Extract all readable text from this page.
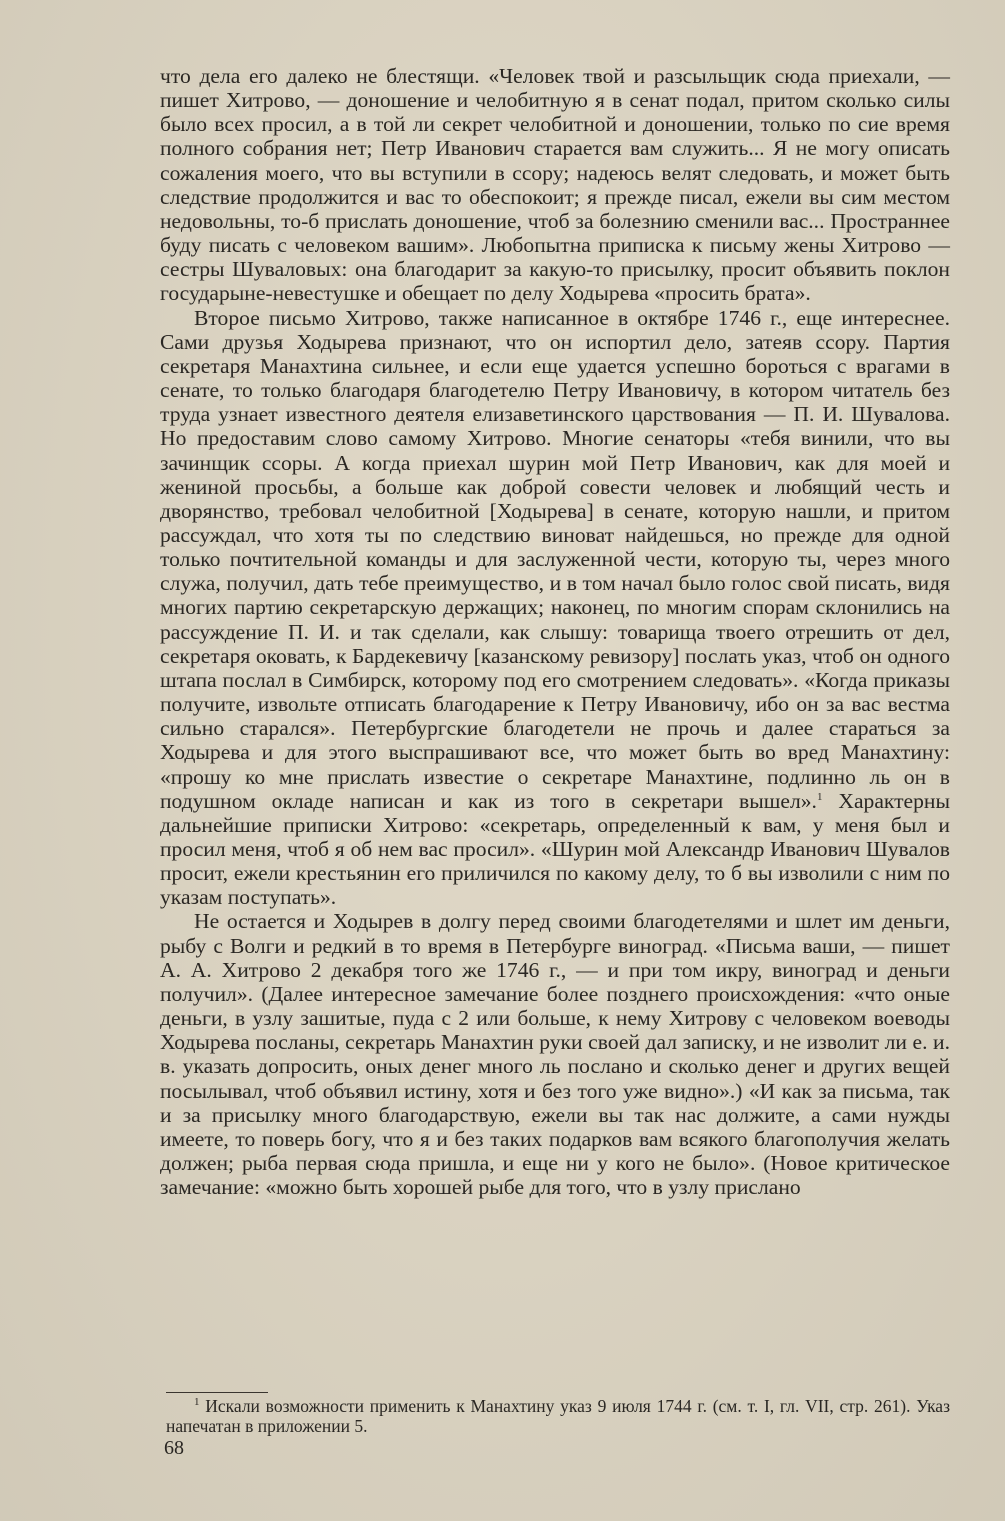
что дела его далеко не блестящи. «Человек твой и разсыльщик сюда приехали, — пишет Хитрово, — доношение и челобитную я в сенат подал, притом сколько силы было всех просил, а в той ли секрет челобитной и доношении, только по сие время полного собрания нет; Петр Иванович старается вам служить... Я не могу описать сожаления моего, что вы вступили в ссору; надеюсь велят следовать, и может быть следствие продолжится и вас то обеспокоит; я прежде писал, ежели вы сим местом недовольны, то-б прислать доношение, чтоб за болезнию сменили вас... Пространнее буду писать с человеком вашим». Любопытна приписка к письму жены Хитрово — сестры Шуваловых: она благодарит за какую-то присылку, просит объявить поклон государыне-невестушке и обещает по делу Ходырева «просить брата».

Второе письмо Хитрово, также написанное в октябре 1746 г., еще интереснее. Сами друзья Ходырева признают, что он испортил дело, затеяв ссору. Партия секретаря Манахтина сильнее, и если еще удается успешно бороться с врагами в сенате, то только благодаря благодетелю Петру Ивановичу, в котором читатель без труда узнает известного деятеля елизаветинского царствования — П. И. Шувалова. Но предоставим слово самому Хитрово. Многие сенаторы «тебя винили, что вы зачинщик ссоры. А когда приехал шурин мой Петр Иванович, как для моей и жениной просьбы, а больше как доброй совести человек и любящий честь и дворянство, требовал челобитной [Ходырева] в сенате, которую нашли, и притом рассуждал, что хотя ты по следствию виноват найдешься, но прежде для одной только почтительной команды и для заслуженной чести, которую ты, через много служа, получил, дать тебе преимущество, и в том начал было голос свой писать, видя многих партию секретарскую держащих; наконец, по многим спорам склонились на рассуждение П. И. и так сделали, как слышу: товарища твоего отрешить от дел, секретаря оковать, к Бардекевичу [казанскому ревизору] послать указ, чтоб он одного штапа послал в Симбирск, которому под его смотрением следовать». «Когда приказы получите, извольте отписать благодарение к Петру Ивановичу, ибо он за вас вестма сильно старался». Петербургские благодетели не прочь и далее стараться за Ходырева и для этого выспрашивают все, что может быть во вред Манахтину: «прошу ко мне прислать известие о секретаре Манахтине, подлинно ль он в подушном окладе написан и как из того в секретари вышел».$^1$ Характерны дальнейшие приписки Хитрово: «секретарь, определенный к вам, у меня был и просил меня, чтоб я об нем вас просил». «Шурин мой Александр Иванович Шувалов просит, ежели крестьянин его приличился по какому делу, то б вы изволили с ним по указам поступать».

Не остается и Ходырев в долгу перед своими благодетелями и шлет им деньги, рыбу с Волги и редкий в то время в Петербурге виноград. «Письма ваши, — пишет А. А. Хитрово 2 декабря того же 1746 г., — и при том икру, виноград и деньги получил». (Далее интересное замечание более позднего происхождения: «что оные деньги, в узлу зашитые, пуда с 2 или больше, к нему Хитрову с человеком воеводы Ходырева посланы, секретарь Манахтин руки своей дал записку, и не изволит ли е. и. в. указать допросить, оных денег много ль послано и сколько денег и других вещей посылывал, чтоб объявил истину, хотя и без того уже видно».) «И как за письма, так и за присылку много благодарствую, ежели вы так нас должите, а сами нужды имеете, то поверь богу, что я и без таких подарков вам всякого благополучия желать должен; рыба первая сюда пришла, и еще ни у кого не было». (Новое критическое замечание: «можно быть хорошей рыбе для того, что в узлу прислано

$^1$ Искали возможности применить к Манахтину указ 9 июля 1744 г. (см. т. I, гл. VII, стр. 261). Указ напечатан в приложении 5.
68
